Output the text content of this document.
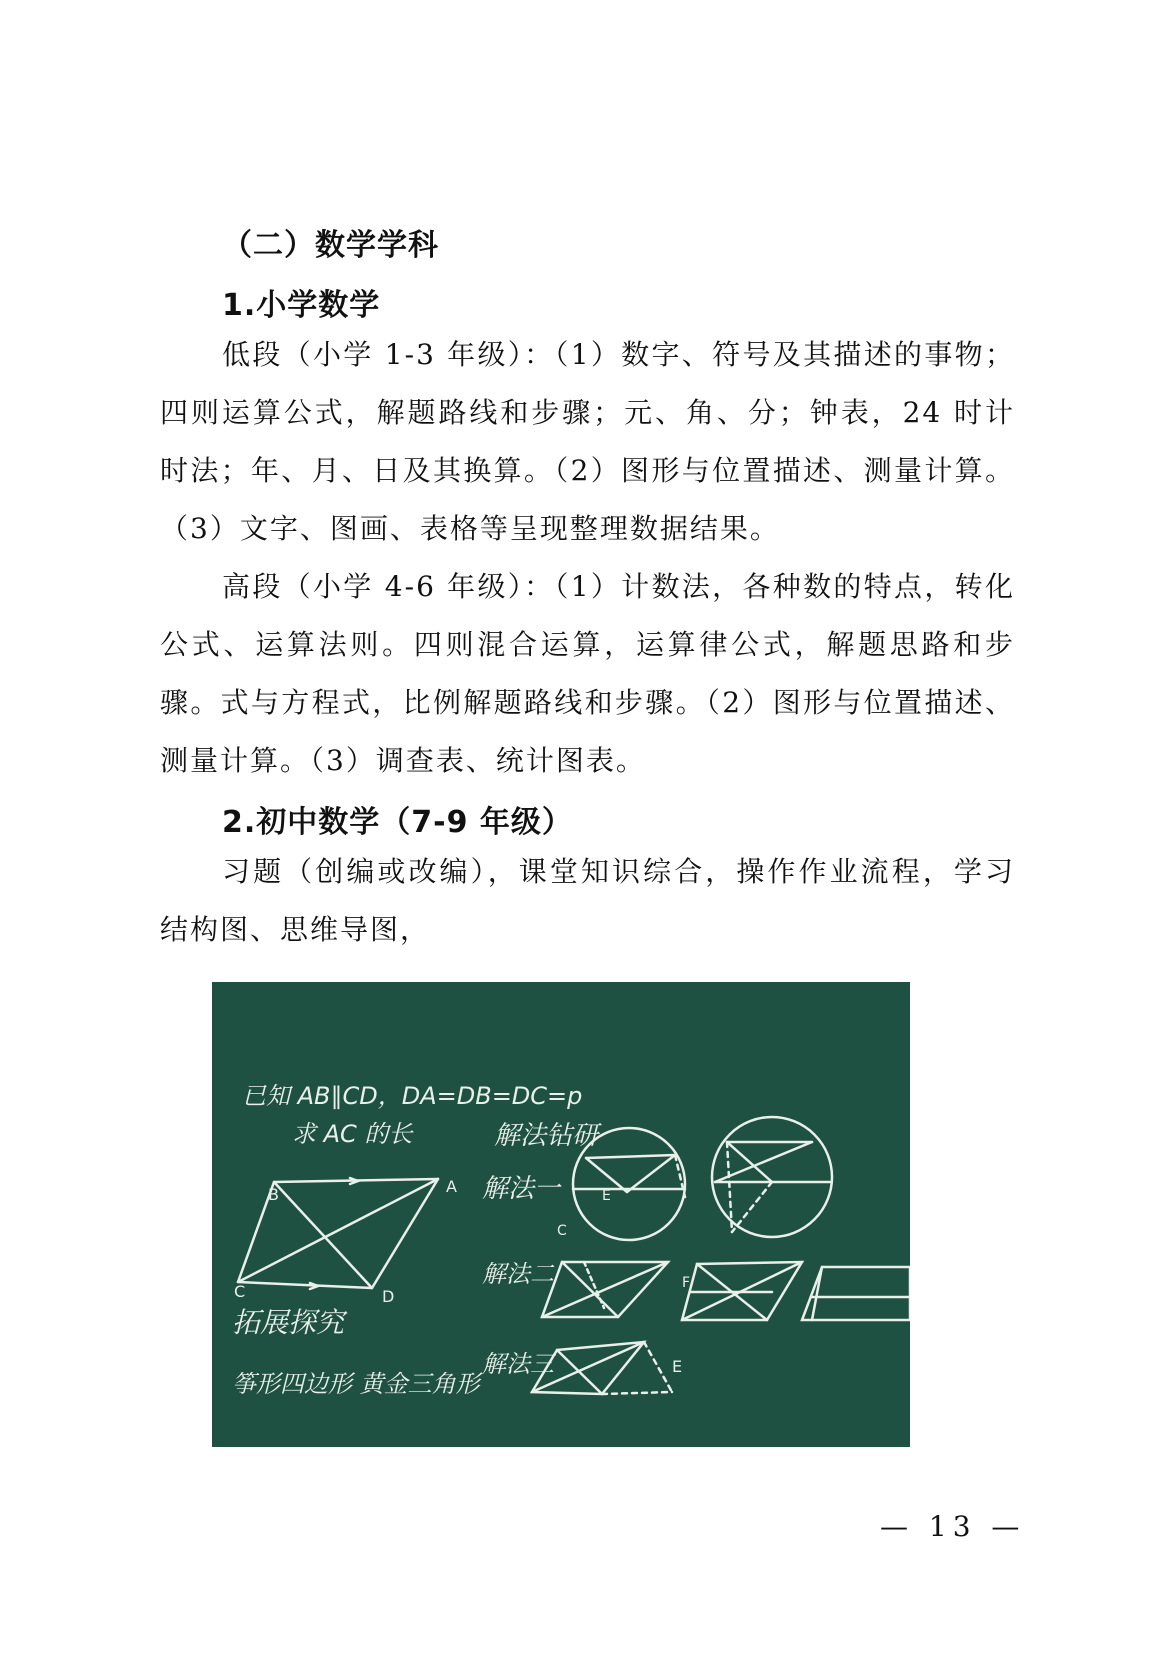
（二）数学学科
1.小学数学
低段（小学 1-3 年级）：（1）数字、符号及其描述的事物；四则运算公式，解题路线和步骤；元、角、分；钟表，24 时计时法；年、月、日及其换算。（2）图形与位置描述、测量计算。（3）文字、图画、表格等呈现整理数据结果。
高段（小学 4-6 年级）：（1）计数法，各种数的特点，转化公式、运算法则。四则混合运算，运算律公式，解题思路和步骤。式与方程式，比例解题路线和步骤。（2）图形与位置描述、测量计算。（3）调查表、统计图表。
2.初中数学（7-9 年级）
习题（创编或改编），课堂知识综合，操作作业流程，学习结构图、思维导图，
已知 AB∥CD，DA=DB=DC=p
求 AC 的长	解法钻研
解法一
解法二
解法三
拓展探究
筝形四边形 黄金三角形
B	A
C	D
E
C
E
F
— 13 —
